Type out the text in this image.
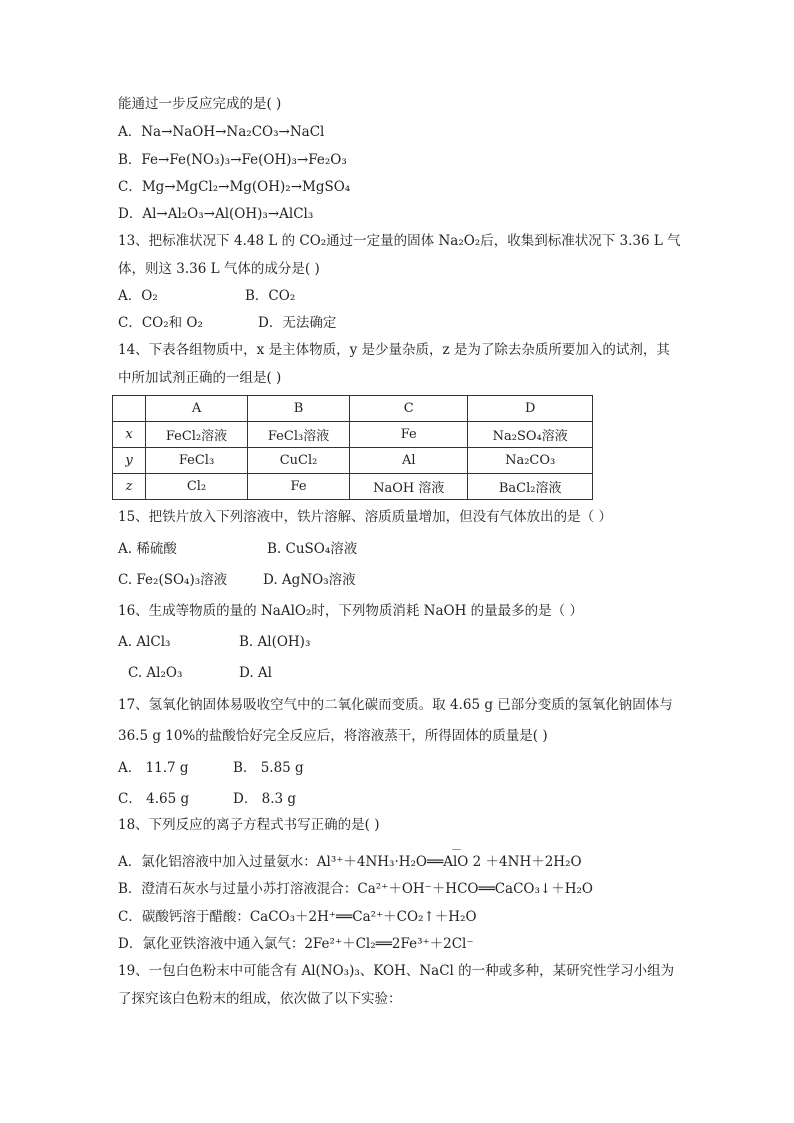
能通过一步反应完成的是( )
A．Na→NaOH→Na₂CO₃→NaCl
B．Fe→Fe(NO₃)₃→Fe(OH)₃→Fe₂O₃
C．Mg→MgCl₂→Mg(OH)₂→MgSO₄
D．Al→Al₂O₃→Al(OH)₃→AlCl₃
13、把标准状况下 4.48 L 的 CO₂通过一定量的固体 Na₂O₂后，收集到标准状况下 3.36 L 气
体，则这 3.36 L 气体的成分是( )
A．O₂	B．CO₂
C．CO₂和 O₂	D．无法确定
14、下表各组物质中，x 是主体物质，y 是少量杂质，z 是为了除去杂质所要加入的试剂，其
中所加试剂正确的一组是( )
	A	B	C	D
x	FeCl₂溶液	FeCl₃溶液	Fe	Na₂SO₄溶液
y	FeCl₃	CuCl₂	Al	Na₂CO₃
z	Cl₂	Fe	NaOH 溶液	BaCl₂溶液
15、把铁片放入下列溶液中，铁片溶解、溶质质量增加，但没有气体放出的是（ ）
A. 稀硫酸	B. CuSO₄溶液
C. Fe₂(SO₄)₃溶液	D. AgNO₃溶液
16、生成等物质的量的 NaAlO₂时，下列物质消耗 NaOH 的量最多的是（ ）
A. AlCl₃	B. Al(OH)₃
C. Al₂O₃	D. Al
17、氢氧化钠固体易吸收空气中的二氧化碳而变质。取 4.65 g 已部分变质的氢氧化钠固体与
36.5 g 10%的盐酸恰好完全反应后，将溶液蒸干，所得固体的质量是( )
A． 11.7 g	B． 5.85 g
C． 4.65 g	D． 8.3 g
18、下列反应的离子方程式书写正确的是( )
－
A．氯化铝溶液中加入过量氨水：Al³⁺＋4NH₃·H₂O══AlO 2 ＋4NH＋2H₂O
B．澄清石灰水与过量小苏打溶液混合：Ca²⁺＋OH⁻＋HCO══CaCO₃↓＋H₂O
C．碳酸钙溶于醋酸：CaCO₃＋2H⁺══Ca²⁺＋CO₂↑＋H₂O
D．氯化亚铁溶液中通入氯气：2Fe²⁺＋Cl₂══2Fe³⁺＋2Cl⁻
19、一包白色粉末中可能含有 Al(NO₃)₃、KOH、NaCl 的一种或多种，某研究性学习小组为
了探究该白色粉末的组成，依次做了以下实验：
